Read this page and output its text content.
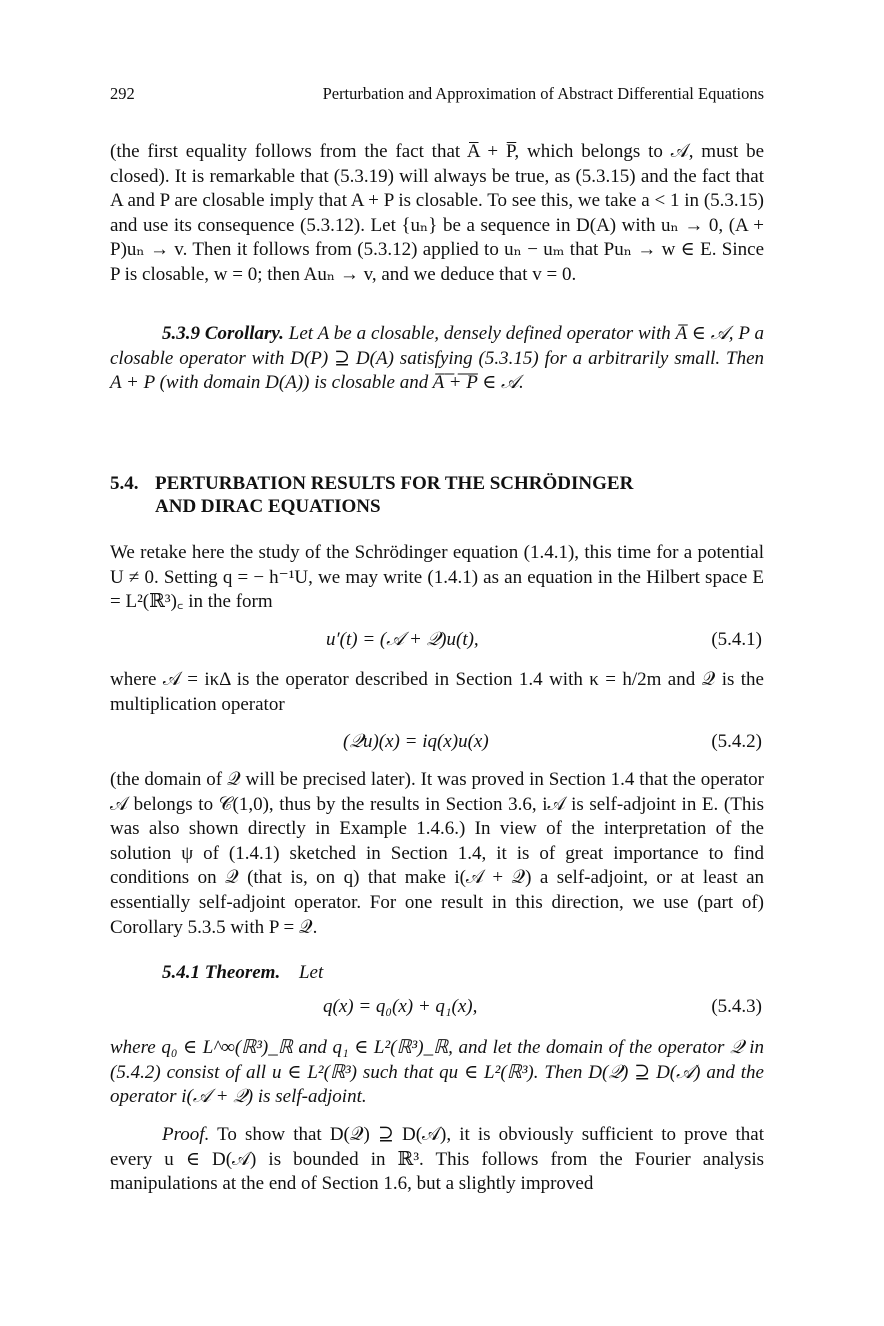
292	Perturbation and Approximation of Abstract Differential Equations

(the first equality follows from the fact that A̅ + P̅, which belongs to 𝒜, must be closed). It is remarkable that (5.3.19) will always be true, as (5.3.15) and the fact that A and P are closable imply that A + P is closable. To see this, we take a < 1 in (5.3.15) and use its consequence (5.3.12). Let {uₙ} be a sequence in D(A) with uₙ → 0, (A + P)uₙ → v. Then it follows from (5.3.12) applied to uₙ − uₘ that Puₙ → w ∈ E. Since P is closable, w = 0; then Auₙ → v, and we deduce that v = 0.

5.3.9 Corollary. Let A be a closable, densely defined operator with A̅ ∈ 𝒜, P a closable operator with D(P) ⊇ D(A) satisfying (5.3.15) for a arbitrarily small. Then A + P (with domain D(A)) is closable and A̅ ̅+̅ ̅P̅ ∈ 𝒜.

5.4. PERTURBATION RESULTS FOR THE SCHRÖDINGER
AND DIRAC EQUATIONS

We retake here the study of the Schrödinger equation (1.4.1), this time for a potential U ≠ 0. Setting q = − h⁻¹U, we may write (1.4.1) as an equation in the Hilbert space E = L²(ℝ³)꜀ in the form

u′(t) = (𝒜 + 𝒬)u(t),	(5.4.1)

where 𝒜 = iκΔ is the operator described in Section 1.4 with κ = h/2m and 𝒬 is the multiplication operator

(𝒬u)(x) = iq(x)u(x)	(5.4.2)

(the domain of 𝒬 will be precised later). It was proved in Section 1.4 that the operator 𝒜 belongs to 𝒞(1,0), thus by the results in Section 3.6, i𝒜 is self-adjoint in E. (This was also shown directly in Example 1.4.6.) In view of the interpretation of the solution ψ of (1.4.1) sketched in Section 1.4, it is of great importance to find conditions on 𝒬 (that is, on q) that make i(𝒜 + 𝒬) a self-adjoint, or at least an essentially self-adjoint operator. For one result in this direction, we use (part of) Corollary 5.3.5 with P = 𝒬.

5.4.1 Theorem. Let

q(x) = q₀(x) + q₁(x),	(5.4.3)

where q₀ ∈ L^∞(ℝ³)_ℝ and q₁ ∈ L²(ℝ³)_ℝ, and let the domain of the operator 𝒬 in (5.4.2) consist of all u ∈ L²(ℝ³) such that qu ∈ L²(ℝ³). Then D(𝒬) ⊇ D(𝒜) and the operator i(𝒜 + 𝒬) is self-adjoint.

Proof. To show that D(𝒬) ⊇ D(𝒜), it is obviously sufficient to prove that every u ∈ D(𝒜) is bounded in ℝ³. This follows from the Fourier analysis manipulations at the end of Section 1.6, but a slightly improved
